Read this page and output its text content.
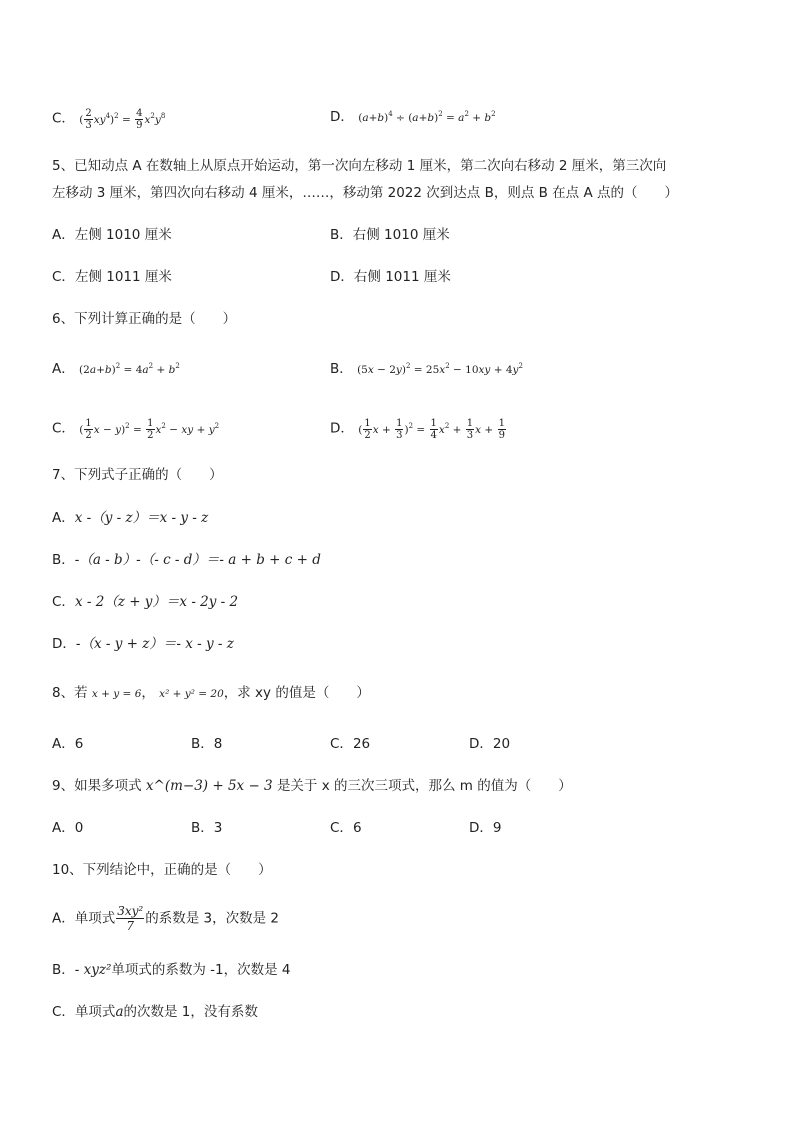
C． ( $\frac{2}{3} xy^4)^2 = \frac{4}{9} x^2y^8$	D． $(a+b)^4 \div (a+b)^2 = a^2 + b^2$
5、已知动点 A 在数轴上从原点开始运动，第一次向左移动 1 厘米，第二次向右移动 2 厘米，第三次向
左移动 3 厘米，第四次向右移动 4 厘米，……，移动第 2022 次到达点 B，则点 B 在点 A 点的（　　）
A．左侧 1010 厘米	B．右侧 1010 厘米
C．左侧 1011 厘米	D．右侧 1011 厘米
6、下列计算正确的是（　　）
A． $(2a+b)^2 = 4a^2 + b^2$	B． $(5x - 2y)^2 = 25x^2 - 10xy + 4y^2$
C． ( $\frac{1}{2}$ $x - y)^2 = \frac{1}{2} x^2$ − xy + $y^2$	D． ( $\frac{1}{2}$ $x + \frac{1}{3} )^2 = \frac{1}{4} x^2 + \frac{1}{3}$ $x + \frac{1}{9}$
7、下列式子正确的（　　）
A．x -（y - z）＝x - y - z
B．-（a - b）-（- c - d）＝- a + b + c + d
C．x - 2（z + y）＝x - 2y - 2
D．-（x - y + z）＝- x - y - z
8、若 x + y = 6， x² + y² = 20，求 xy 的值是（　　）
A．6	B．8	C．26	D．20
9、如果多项式 x^(m−3) + 5x − 3 是关于 x 的三次三项式，那么 m 的值为（　　）
A．0	B．3	C．6	D．9
10、下列结论中，正确的是（　　）
A．单项式 $\frac{\text{3xy²}}{7}$ 的系数是 3，次数是 2
B．- xyz²单项式的系数为 -1，次数是 4
C．单项式a的次数是 1，没有系数
